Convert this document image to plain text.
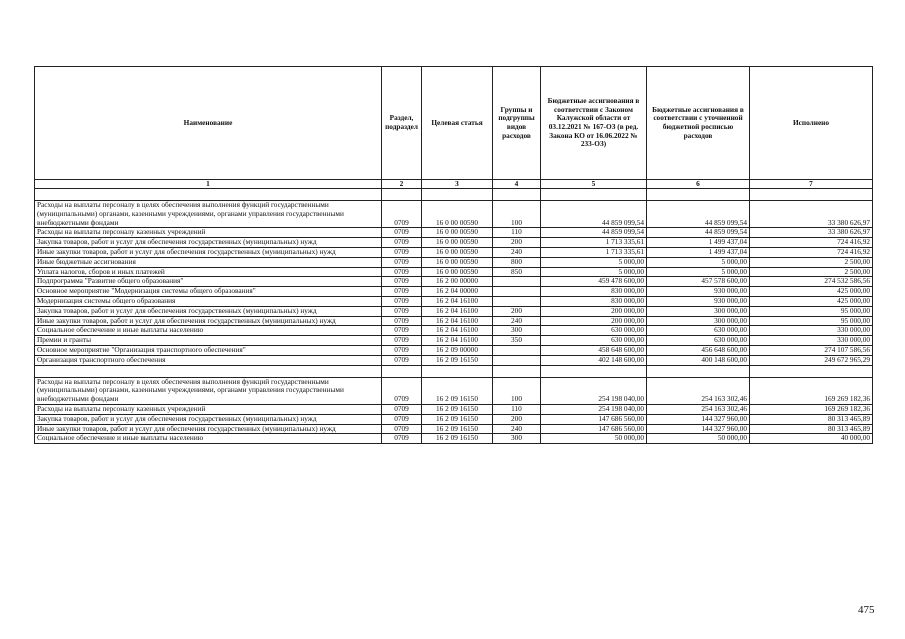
Наименование	Раздел, подраздел	Целевая статья	Группы и подгруппы видов расходов	Бюджетные ассигнования в соответствии с Законом Калужской области от 03.12.2021 № 167-ОЗ (в ред. Закона КО от 16.06.2022 № 233-ОЗ)	Бюджетные ассигнования в соответствии с уточненной бюджетной росписью расходов	Исполнено
1	2	3	4	5	6	7

Расходы на выплаты персоналу в целях обеспечения выполнения функций государственными (муниципальными) органами, казенными учреждениями, органами управления государственными внебюджетными фондами	0709	16 0 00 00590	100	44 859 099,54	44 859 099,54	33 380 626,97
Расходы на выплаты персоналу казенных учреждений	0709	16 0 00 00590	110	44 859 099,54	44 859 099,54	33 380 626,97
Закупка товаров, работ и услуг для обеспечения государственных (муниципальных) нужд	0709	16 0 00 00590	200	1 713 335,61	1 499 437,04	724 416,92
Иные закупки товаров, работ и услуг для обеспечения государственных (муниципальных) нужд	0709	16 0 00 00590	240	1 713 335,61	1 499 437,04	724 416,92
Иные бюджетные ассигнования	0709	16 0 00 00590	800	5 000,00	5 000,00	2 500,00
Уплата налогов, сборов и иных платежей	0709	16 0 00 00590	850	5 000,00	5 000,00	2 500,00
Подпрограмма "Развитие общего образования"	0709	16 2 00 00000		459 478 600,00	457 578 600,00	274 532 586,56
Основное мероприятие "Модернизация системы общего образования"	0709	16 2 04 00000		830 000,00	930 000,00	425 000,00
Модернизация системы общего образования	0709	16 2 04 16100		830 000,00	930 000,00	425 000,00
Закупка товаров, работ и услуг для обеспечения государственных (муниципальных) нужд	0709	16 2 04 16100	200	200 000,00	300 000,00	95 000,00
Иные закупки товаров, работ и услуг для обеспечения государственных (муниципальных) нужд	0709	16 2 04 16100	240	200 000,00	300 000,00	95 000,00
Социальное обеспечение и иные выплаты населению	0709	16 2 04 16100	300	630 000,00	630 000,00	330 000,00
Премии и гранты	0709	16 2 04 16100	350	630 000,00	630 000,00	330 000,00
Основное мероприятие "Организация транспортного обеспечения"	0709	16 2 09 00000		458 648 600,00	456 648 600,00	274 107 586,56
Организация транспортного обеспечения	0709	16 2 09 16150		402 148 600,00	400 148 600,00	249 672 965,29

Расходы на выплаты персоналу в целях обеспечения выполнения функций государственными (муниципальными) органами, казенными учреждениями, органами управления государственными внебюджетными фондами	0709	16 2 09 16150	100	254 198 040,00	254 163 302,46	169 269 182,36
Расходы на выплаты персоналу казенных учреждений	0709	16 2 09 16150	110	254 198 040,00	254 163 302,46	169 269 182,36
Закупка товаров, работ и услуг для обеспечения государственных (муниципальных) нужд	0709	16 2 09 16150	200	147 686 560,00	144 327 960,00	80 313 465,89
Иные закупки товаров, работ и услуг для обеспечения государственных (муниципальных) нужд	0709	16 2 09 16150	240	147 686 560,00	144 327 960,00	80 313 465,89
Социальное обеспечение и иные выплаты населению	0709	16 2 09 16150	300	50 000,00	50 000,00	40 000,00
475
